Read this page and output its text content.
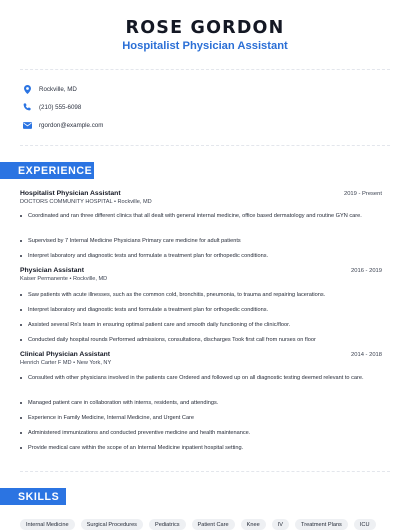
ROSE GORDON
Hospitalist Physician Assistant
Rockville, MD
(210) 555-6098
rgordon@example.com
EXPERIENCE
Hospitalist Physician Assistant	2019 - Present
DOCTORS COMMUNITY HOSPITAL • Rockville, MD
Coordinated and ran three different clinics that all dealt with general internal medicine, office based dermatology and routine GYN care.
Supervised by 7 Internal Medicine Physicians Primary care medicine for adult patients
Interpret laboratory and diagnostic tests and formulate a treatment plan for orthopedic conditions.
Physician Assistant	2016 - 2019
Kaiser Permanente • Rockville, MD
Saw patients with acute illnesses, such as the common cold, bronchitis, pneumonia, to trauma and repairing lacerations.
Interpret laboratory and diagnostic tests and formulate a treatment plan for orthopedic conditions.
Assisted several Rn's team in ensuring optimal patient care and smooth daily functioning of the clinic/floor.
Conducted daily hospital rounds Performed admissions, consultations, discharges Took first call from nurses on floor
Clinical Physician Assistant	2014 - 2018
Henrich Carter F MD • New York, NY
Consulted with other physicians involved in the patients care Ordered and followed up on all diagnostic testing deemed relevant to care.
Managed patient care in collaboration with interns, residents, and attendings.
Experience in Family Medicine, Internal Medicine, and Urgent Care
Administered immunizations and conducted preventive medicine and health maintenance.
Provide medical care within the scope of an Internal Medicine inpatient hospital setting.
SKILLS
Internal Medicine	Surgical Procedures	Pediatrics	Patient Care	Knee	IV	Treatment Plans	ICU
